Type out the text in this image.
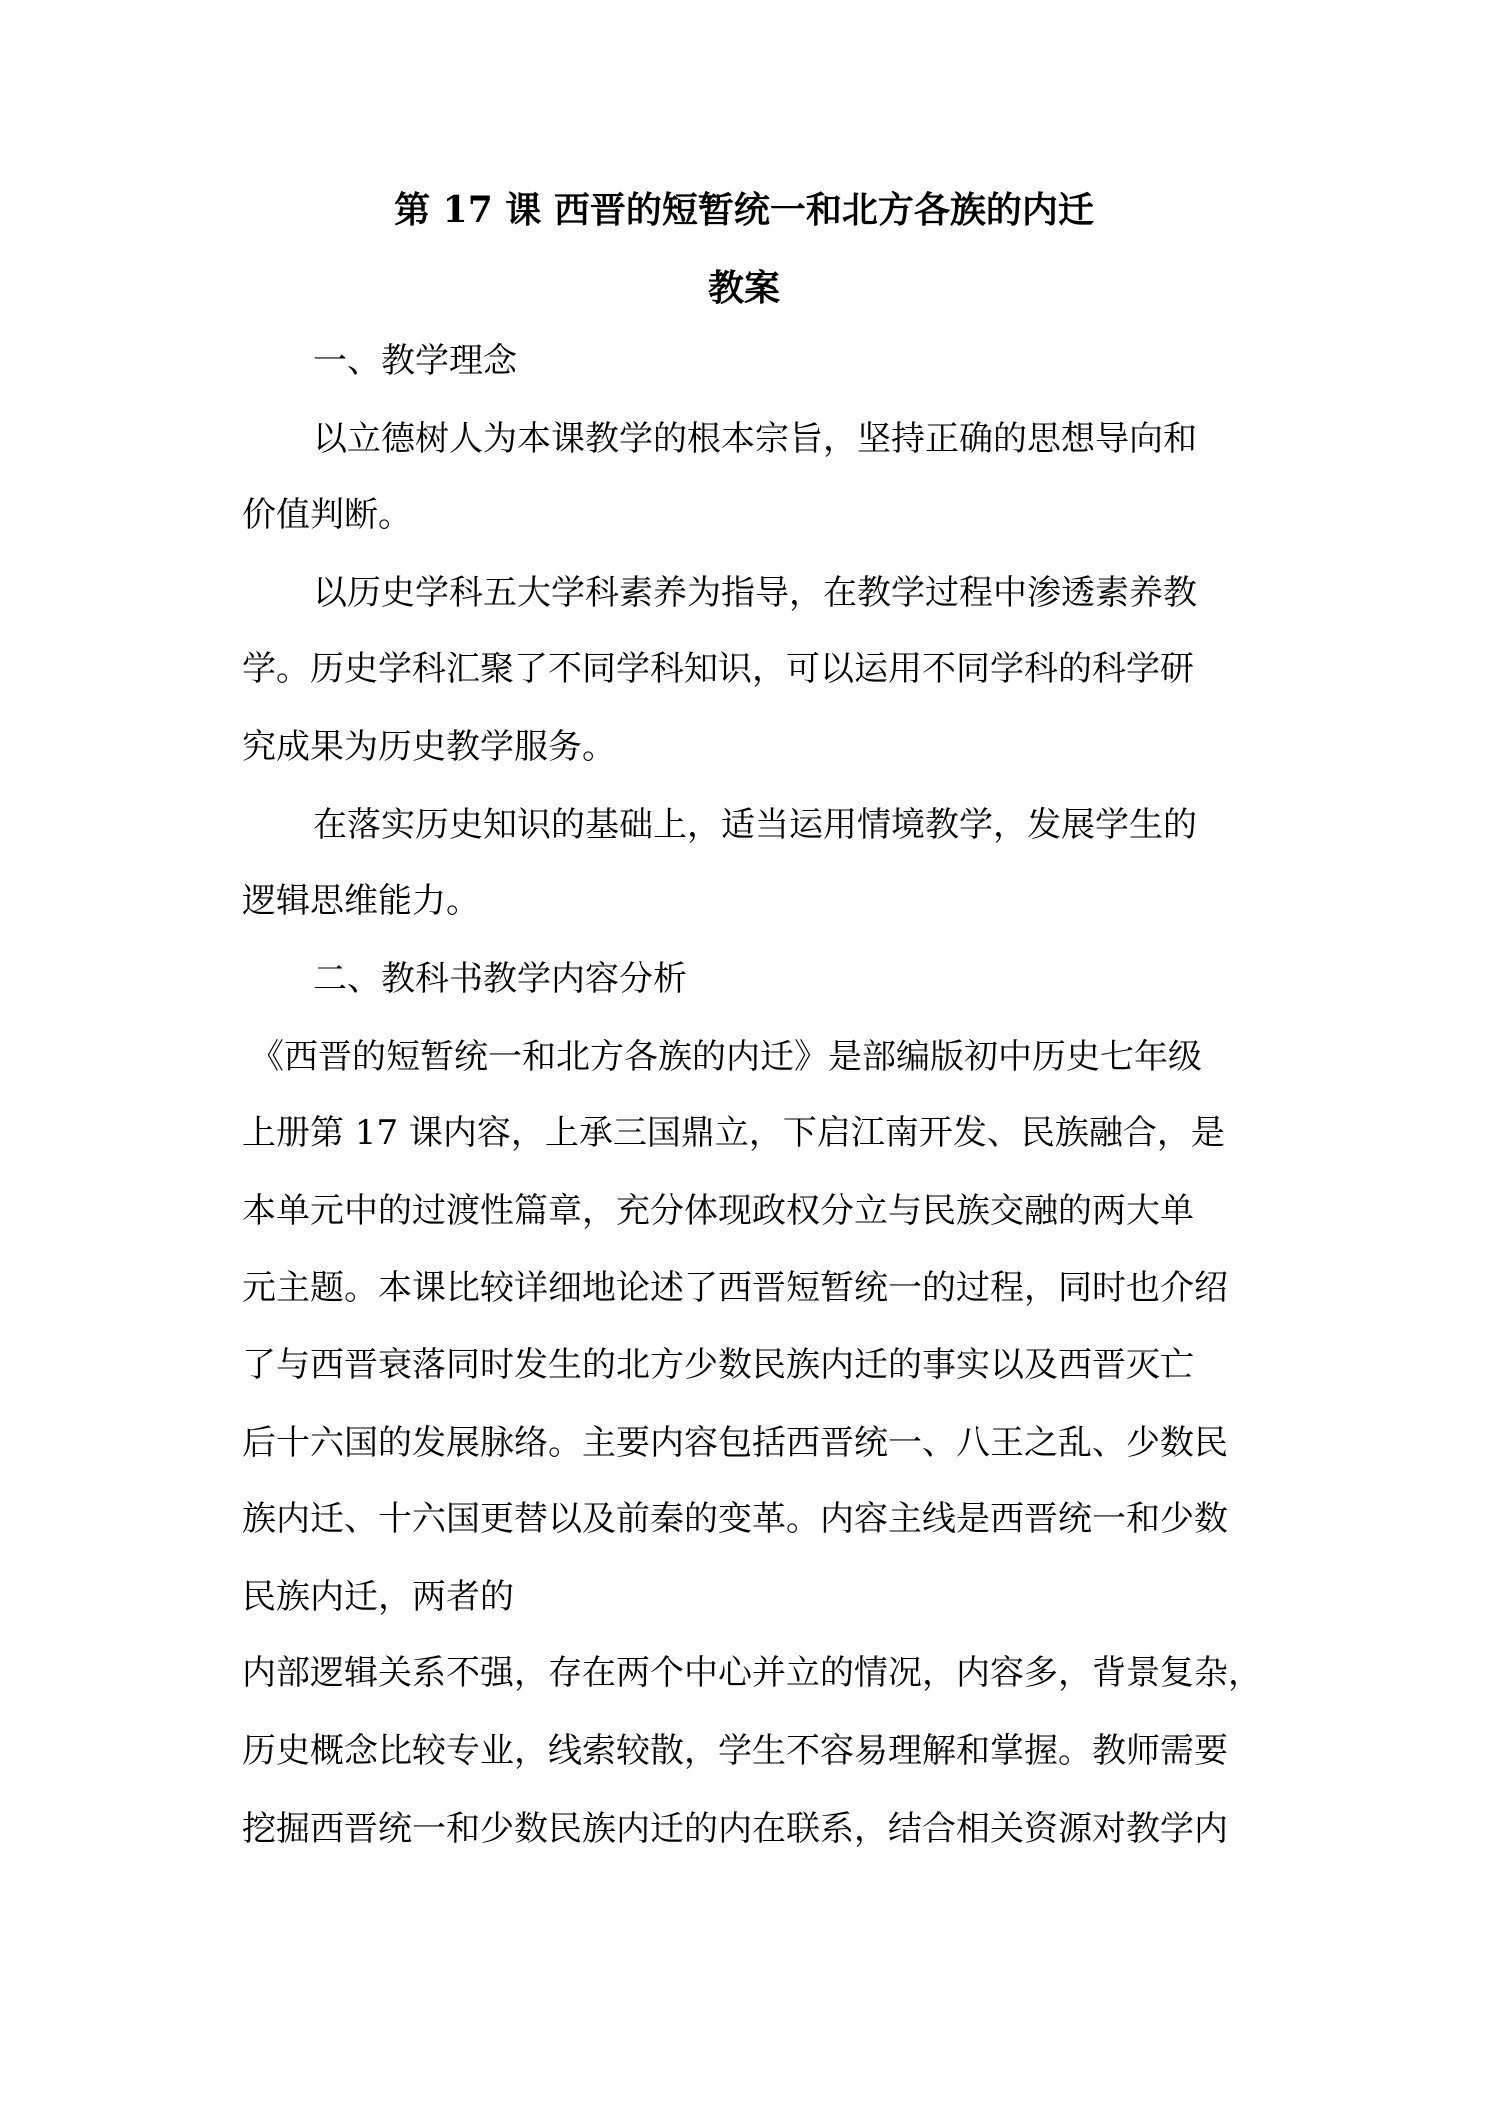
第 17 课 西晋的短暂统一和北方各族的内迁
教案
一、教学理念
以立德树人为本课教学的根本宗旨，坚持正确的思想导向和
价值判断。
以历史学科五大学科素养为指导，在教学过程中渗透素养教
学。历史学科汇聚了不同学科知识，可以运用不同学科的科学研
究成果为历史教学服务。
在落实历史知识的基础上，适当运用情境教学，发展学生的
逻辑思维能力。
二、教科书教学内容分析
《西晋的短暂统一和北方各族的内迁》是部编版初中历史七年级
上册第 17 课内容，上承三国鼎立，下启江南开发、民族融合，是
本单元中的过渡性篇章，充分体现政权分立与民族交融的两大单
元主题。本课比较详细地论述了西晋短暂统一的过程，同时也介绍
了与西晋衰落同时发生的北方少数民族内迁的事实以及西晋灭亡
后十六国的发展脉络。主要内容包括西晋统一、八王之乱、少数民
族内迁、十六国更替以及前秦的变革。内容主线是西晋统一和少数
民族内迁，两者的
内部逻辑关系不强，存在两个中心并立的情况，内容多，背景复杂，
历史概念比较专业，线索较散，学生不容易理解和掌握。教师需要
挖掘西晋统一和少数民族内迁的内在联系，结合相关资源对教学内
